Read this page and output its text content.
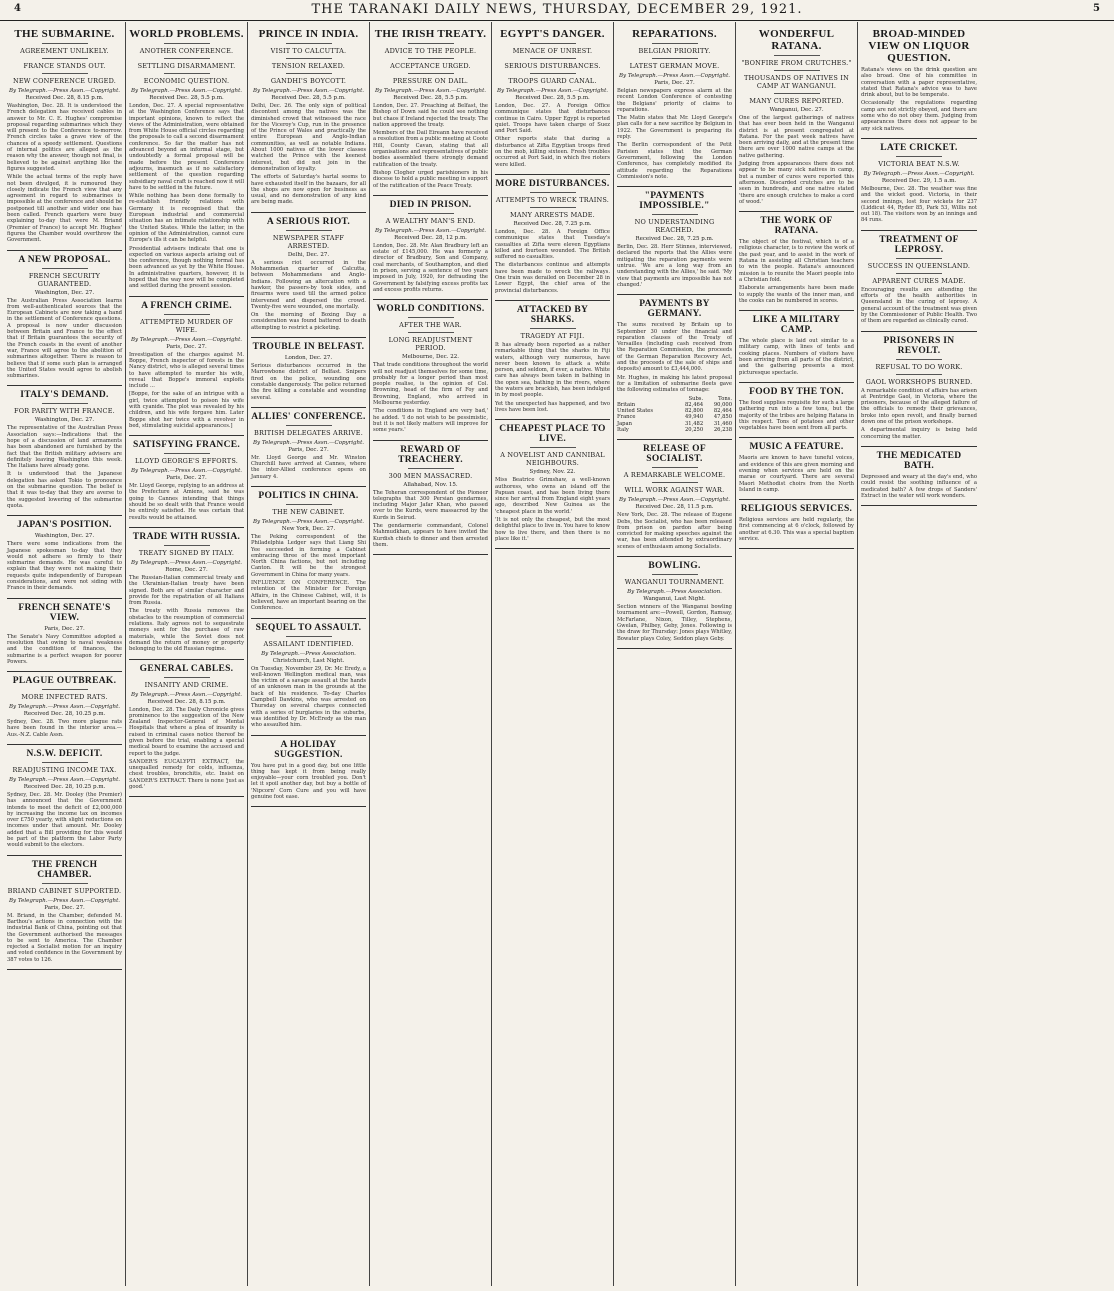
4	THE TARANAKI DAILY NEWS, THURSDAY, DECEMBER 29, 1921.	5
THE SUBMARINE.
AGREEMENT UNLIKELY.
FRANCE STANDS OUT.
NEW CONFERENCE URGED.
By Telegraph.—Press Assn.—Copyright.
Received Dec. 28, 8.15 p.m.

Washington, Dec. 28. It is understood the French delegation has received cables in answer to Mr. C. E. Hughes' compromise proposal regarding submarines which they will present to the Conference to-morrow. French circles take a grave view of the chances of a speedy settlement. Questions of internal politics are alleged as the reason why the answer, though not final, is believed to be against anything like the figures suggested.

While the actual terms of the reply have not been divulged, it is rumoured they closely indicate the French view that any agreement in regard to submarines is impossible at the conference and should be postponed till another and wider one has been called. French quarters were busy explaining to-day that were M. Briand (Premier of France) to accept Mr. Hughes' figures the Chamber would overthrow the Government.

A NEW PROPOSAL.
FRENCH SECURITY GUARANTEED.
Washington, Dec. 27.

The Australian Press Association learns from well-authenticated sources that the European Cabinets are now taking a hand in the settlement of Conference questions. A proposal is now under discussion between Britain and France to the effect that if Britain guarantees the security of the French coasts in the event of another war, France will agree to the abolition of submarines altogether. There is reason to believe that if some such plan is arranged the United States would agree to abolish submarines.

ITALY'S DEMAND.
FOR PARITY WITH FRANCE.
Washington, Dec. 27.

The representative of the Australian Press Association says:—Indications that the hope of a discussion of land armaments has been abandoned are furnished by the fact that the British military advisers are definitely leaving Washington this week. The Italians have already gone.

It is understood that the Japanese delegation has asked Tokio to pronounce on the submarine question. The belief is that it was to-day that they are averse to the suggested lowering of the submarine quota.

JAPAN'S POSITION.
Washington, Dec. 27.

There were some indications from the Japanese spokesman to-day that they would not adhere so firmly to their submarine demands. He was careful to explain that they were not making their requests quite independently of European considerations, and were not siding with France in their demands.

FRENCH SENATE'S VIEW.
Paris, Dec. 27.

The Senate's Navy Committee adopted a resolution that owing to naval weakness and the condition of finances, the submarine is a perfect weapon for poorer Powers.

PLAGUE OUTBREAK.
MORE INFECTED RATS.
By Telegraph.—Press Assn.—Copyright.
Received Dec. 28, 10.25 p.m.

Sydney, Dec. 28. Two more plague rats have been found in the interior area.—Aus.-N.Z. Cable Assn.

N.S.W. DEFICIT.
READJUSTING INCOME TAX.
By Telegraph.—Press Assn.—Copyright.
Received Dec. 28, 10.25 p.m.

Sydney, Dec. 28. Mr. Dooley (the Premier) has announced that the Government intends to meet the deficit of £2,000,000 by increasing the income tax on incomes over £750 yearly, with slight reductions on incomes under that amount. Mr. Dooley added that a Bill providing for this would be part of the platform the Labor Party would submit to the electors.

THE FRENCH CHAMBER.
BRIAND CABINET SUPPORTED.
By Telegraph.—Press Assn.—Copyright.
Paris, Dec. 27.

M. Briand, in the Chamber, defended M. Barthou's actions in connection with the industrial Bank of China, pointing out that the Government authorised the messages to be sent to America. The Chamber rejected a Socialist motion for an inquiry and voted confidence in the Government by 387 votes to 126.

WORLD PROBLEMS.
ANOTHER CONFERENCE.
SETTLING DISARMAMENT.
ECONOMIC QUESTION.
By Telegraph.—Press Assn.—Copyright.
Received Dec. 28, 5.5 p.m.

London, Dec. 27. A special representative at the Washington Conference says that important opinions, known to reflect the views of the Administration, were obtained from White House official circles regarding the proposals to call a second disarmament conference. So far the matter has not advanced beyond an informal stage, but undoubtedly a formal proposal will be made before the present Conference adjourns, inasmuch as if no satisfactory settlement of the question regarding subsidiary naval craft is reached now it will have to be settled in the future.

While nothing has been done formally to re-establish friendly relations with Germany it is recognised that the European industrial and commercial situation has an intimate relationship with the United States. While the latter, in the opinion of the Administration, cannot cure Europe's ills it can be helpful.

Presidential advisers indicate that one is expected on various aspects arising out of the conference, though nothing formal has been advanced as yet by the White House. In administrative quarters, however, it is hoped that the way now will be completed and settled during the present session.

A FRENCH CRIME.
ATTEMPTED MURDER OF WIFE.
By Telegraph.—Press Assn.—Copyright.
Paris, Dec. 27.

Investigation of the charges against M. Boppe, French inspector of forests in the Nancy district, who is alleged several times to have attempted to murder his wife, reveal that Boppe's immoral exploits include ...

[Boppe, for the sake of an intrigue with a girl, twice attempted to poison his wife with cyanide. The plot was revealed by his children, and his wife forgave him. Later Boppe shot her twice with a revolver in bed, stimulating suicidal appearances.]

SATISFYING FRANCE.
LLOYD GEORGE'S EFFORTS.
By Telegraph.—Press Assn.—Copyright.
Paris, Dec. 27.

Mr. Lloyd George, replying to an address at the Prefecture at Amiens, said he was going to Cannes intending that things should be so dealt with that France would be entirely satisfied. He was certain that results would be attained.

TRADE WITH RUSSIA.
TREATY SIGNED BY ITALY.
By Telegraph.—Press Assn.—Copyright.
Rome, Dec. 27.

The Russian-Italian commercial treaty and the Ukrainian-Italian treaty have been signed. Both are of similar character and provide for the repatriation of all Italians from Russia.

The treaty with Russia removes the obstacles to the resumption of commercial relations. Italy agrees not to sequestrate moneys sent for the purchase of raw materials, while the Soviet does not demand the return of money or property belonging to the old Russian regime.

GENERAL CABLES.
INSANITY AND CRIME.
By Telegraph.—Press Assn.—Copyright.
Received Dec. 28, 8.15 p.m.

London, Dec. 28. The Daily Chronicle gives prominence to the suggestion of the New Zealand Inspector-General of Mental Hospitals that where a plea of insanity is raised in criminal cases notice thereof be given before the trial, enabling a special medical board to examine the accused and report to the judge.

SANDER'S EUCALYPTI EXTRACT, the unequalled remedy for colds, influenza, chest troubles, bronchitis, etc. Insist on SANDER'S EXTRACT. There is none 'just as good.'

PRINCE IN INDIA.
VISIT TO CALCUTTA.
TENSION RELAXED.
GANDHI'S BOYCOTT.
By Telegraph.—Press Assn.—Copyright.
Received Dec. 28, 5.5 p.m.

Delhi, Dec. 26. The only sign of political discontent among the natives was the diminished crowd that witnessed the race for the Viceroy's Cup, run in the presence of the Prince of Wales and practically the entire European and Anglo-Indian communities, as well as notable Indians. About 1000 natives of the lower classes watched the Prince with the keenest interest, but did not join in the demonstration of loyalty.

The efforts of Saturday's hartal seems to have exhausted itself in the bazaars, for all the shops are now open for business as usual, and no demonstration of any kind are being made.

A SERIOUS RIOT.
NEWSPAPER STAFF ARRESTED.
Delhi, Dec. 27.

A serious riot occurred in the Mohammedan quarter of Calcutta, between Mohammedans and Anglo-Indians. Following an altercation with a hawker, the passers-by took sides, and firearms were used till the armed police intervened and dispersed the crowd. Twenty-five were wounded, one mortally.

On the morning of Boxing Day a consideration was found battered to death attempting to restrict a picketing.

TROUBLE IN BELFAST.
London, Dec. 27.

Serious disturbances occurred in the Marrowbone district of Belfast. Snipers fired on the police, wounding one constable dangerously. The police returned the fire killing a constable and wounding several.

ALLIES' CONFERENCE.
BRITISH DELEGATES ARRIVE.
By Telegraph.—Press Assn.—Copyright.
Paris, Dec. 27.

Mr. Lloyd George and Mr. Winston Churchill have arrived at Cannes, where the inter-Allied conference opens on January 4.

POLITICS IN CHINA.
THE NEW CABINET.
By Telegraph.—Press Assn.—Copyright.
New York, Dec. 27.

The Peking correspondent of the Philadelphia Ledger says that Liang Shi Yee succeeded in forming a Cabinet embracing three of the most important North China factions, but not including Canton. It will be the strongest Government in China for many years.

INFLUENCE ON CONFERENCE. The retention of the Minister for Foreign Affairs, in the Chinese Cabinet, will, it is believed, have an important bearing on the Conference.

SEQUEL TO ASSAULT.
ASSAILANT IDENTIFIED.
By Telegraph.—Press Association.
Christchurch, Last Night.

On Tuesday, November 29, Dr. Mc Eredy, a well-known Wellington medical man, was the victim of a savage assault at the hands of an unknown man in the grounds at the back of his residence. To-day Charles Campbell Dawkins, who was arrested on Thursday on several charges connected with a series of burglaries in the suburbs, was identified by Dr. McEredy as the man who assaulted him.

A HOLIDAY SUGGESTION.

You have put in a good day, but one little thing has kept it from being really enjoyable—your corn troubled you. Don't let it spoil another day, but buy a bottle of 'Nipcorn' Corn Cure and you will have genuine foot ease.

THE IRISH TREATY.
ADVICE TO THE PEOPLE.
ACCEPTANCE URGED.
PRESSURE ON DAIL.
By Telegraph.—Press Assn.—Copyright.
Received Dec. 28, 5.5 p.m.

London, Dec. 27. Preaching at Belfast, the Bishop of Down said he could see nothing but chaos if Ireland rejected the treaty. The nation approved the treaty.

Members of the Dail Eireann have received a resolution from a public meeting at Coote Hill, County Cavan, stating that all organisations and representatives of public bodies assembled there strongly demand ratification of the treaty.

Bishop Clogher urged parishioners in his diocese to hold a public meeting in support of the ratification of the Peace Treaty.

DIED IN PRISON.
A WEALTHY MAN'S END.
By Telegraph.—Press Assn.—Copyright.
Received Dec. 28, 12 p.m.

London, Dec. 28. Mr. Alan Bradbury left an estate of £145,000. He was formerly a director of Bradbury, Son and Company, coal merchants, of Southampton, and died in prison, serving a sentence of two years imposed in July, 1920, for defrauding the Government by falsifying excess profits tax and excess profits returns.

WORLD CONDITIONS.
AFTER THE WAR.
LONG READJUSTMENT PERIOD.
Melbourne, Dec. 22.

That trade conditions throughout the world will not readjust themselves for some time, probably for a longer period than most people realise, is the opinion of Col. Browning, head of the firm of Foy and Browning, England, who arrived in Melbourne yesterday.

'The conditions in England are very bad,' he added. 'I do not wish to be pessimistic, but it is not likely matters will improve for some years.'

REWARD OF TREACHERY.
300 MEN MASSACRED.
Allahabad, Nov. 15.

The Teheran correspondent of the Pioneer telegraphs that 300 Persian gendarmes, including Major Jafar Khan, who passed over to the Kurds, were massacred by the Kurds in Seirud.

The gendarmerie commandant, Colonel Mahmudkhan, appears to have invited the Kurdish chiefs to dinner and then arrested them.

EGYPT'S DANGER.
MENACE OF UNREST.
SERIOUS DISTURBANCES.
TROOPS GUARD CANAL.
By Telegraph.—Press Assn.—Copyright.
Received Dec. 28, 5.5 p.m.

London, Dec. 27. A Foreign Office communique states that disturbances continue in Cairo. Upper Egypt is reported quiet. Troops have taken charge of Suez and Port Said.

Other reports state that during a disturbance at Zifta Egyptian troops fired on the mob, killing sixteen. Fresh troubles occurred at Port Said, in which five rioters were killed.

MORE DISTURBANCES.
ATTEMPTS TO WRECK TRAINS.
MANY ARRESTS MADE.
Received Dec. 28, 7.25 p.m.

London, Dec. 28. A Foreign Office communique states that Tuesday's casualties at Zifta were eleven Egyptians killed and fourteen wounded. The British suffered no casualties.

The disturbances continue and attempts have been made to wreck the railways. One train was derailed on December 28 in Lower Egypt, the chief area of the provincial disturbances.

ATTACKED BY SHARKS.
TRAGEDY AT FIJI.

It has already been reported as a rather remarkable thing that the sharks in Fiji waters, although very numerous, have never been known to attack a white person, and seldom, if ever, a native. White care has always been taken in bathing in the open sea, bathing in the rivers, where the waters are brackish, has been indulged in by most people.

Yet the unexpected has happened, and two lives have been lost.

CHEAPEST PLACE TO LIVE.
A NOVELIST AND CANNIBAL NEIGHBOURS.
Sydney, Nov. 22.

Miss Beatrice Grimshaw, a well-known authoress, who owns an island off the Papuan coast, and has been living there since her arrival from England eight years ago, described New Guinea as the 'cheapest place in the world.'

'It is not only the cheapest, but the most delightful place to live in. You have to know how to live there, and then there is no place like it.'

REPARATIONS.
BELGIAN PRIORITY.
LATEST GERMAN MOVE.
By Telegraph.—Press Assn.—Copyright.
Paris, Dec. 27.

Belgian newspapers express alarm at the recent London Conference of contesting the Belgians' priority of claims to reparations.

The Matin states that Mr. Lloyd George's plan calls for a new sacrifice by Belgium in 1922. The Government is preparing its reply.

The Berlin correspondent of the Petit Parisien states that the German Government, following the London Conference, has completely modified its attitude regarding the Reparations Commission's note.

"PAYMENTS IMPOSSIBLE."
NO UNDERSTANDING REACHED.
Received Dec. 28, 7.25 p.m.

Berlin, Dec. 28. Herr Stinnes, interviewed, declared the reports that the Allies were mitigating the reparation payments were untrue. 'We are a long way from an understanding with the Allies,' he said. 'My view that payments are impossible has not changed.'

PAYMENTS BY GERMANY.

The sums received by Britain up to September 30 under the financial and reparation clauses of the Treaty of Versailles (including cash received from the Reparation Commission, the proceeds of the German Reparation Recovery Act, and the proceeds of the sale of ships and deposits) amount to £3,444,000.

Mr. Hughes, in making his latest proposal for a limitation of submarine fleets gave the following estimates of tonnage:

	Subs.	Tons.
Britain	82,464	90,000
United States	82,800	82,464
France	49,940	47,850
Japan	31,482	31,460
Italy	20,250	26,238
RELEASE OF SOCIALIST.
A REMARKABLE WELCOME.
WILL WORK AGAINST WAR.
By Telegraph.—Press Assn.—Copyright.
Received Dec. 28, 11.5 p.m.

New York, Dec. 28. The release of Eugene Debs, the Socialist, who has been released from prison on pardon after being convicted for making speeches against the war, has been attended by extraordinary scenes of enthusiasm among Socialists.

BOWLING.
WANGANUI TOURNAMENT.
By Telegraph.—Press Association.
Wanganui, Last Night.

Section winners of the Wanganui bowling tournament are:—Powell, Gordon, Ramsay, McFarlane, Nixon, Tilley, Stephens, Gwelan, Philbey, Geby, Jones. Following is the draw for Thursday: Jones plays Whitley, Bowater plays Coley, Seddon plays Geby.

WONDERFUL RATANA.
"BONFIRE FROM CRUTCHES."
THOUSANDS OF NATIVES IN CAMP AT WANGANUI.
MANY CURES REPORTED.
Wanganui, Dec. 27.

One of the largest gatherings of natives that has ever been held in the Wanganui district is at present congregated at Ratana. For the past week natives have been arriving daily, and at the present time there are over 1000 native camps at the native gathering.

Judging from appearances there does not appear to be many sick natives in camp, but a number of cures were reported this afternoon. Discarded crutches are to be seen in hundreds, and one native stated 'there are enough crutches to make a cord of wood.'

THE WORK OF RATANA.

The object of the festival, which is of a religious character, is to review the work of the past year, and to assist in the work of Ratana in assisting all Christian teachers to win the people. Ratana's announced mission is to reunite the Maori people into a Christian fold.

Elaborate arrangements have been made to supply the wants of the inner man, and the cooks can be numbered in scores.

LIKE A MILITARY CAMP.

The whole place is laid out similar to a military camp, with lines of tents and cooking places. Numbers of visitors have been arriving from all parts of the district, and the gathering presents a most picturesque spectacle.

FOOD BY THE TON.

The food supplies requisite for such a large gathering run into a few tons, but the majority of the tribes are helping Ratana in this respect. Tons of potatoes and other vegetables have been sent from all parts.

MUSIC A FEATURE.

Maoris are known to have tuneful voices, and evidence of this are given morning and evening when services are held on the marae or courtyard. There are several Maori Methodist choirs from the North Island in camp.

RELIGIOUS SERVICES.

Religious services are held regularly, the first commencing at 6 o'clock, followed by another at 6.30. This was a special baptism service.

BROAD-MINDED VIEW ON LIQUOR QUESTION.

Ratana's views on the drink question are also broad. One of his committee in conversation with a paper representative, stated that Ratana's advice was to have drink about, but to be temperate.

Occasionally the regulations regarding camp are not strictly obeyed, and there are some who do not obey them. Judging from appearances there does not appear to be any sick natives.

LATE CRICKET.
VICTORIA BEAT N.S.W.
By Telegraph.—Press Assn.—Copyright.
Received Dec. 29, 1.5 a.m.

Melbourne, Dec. 28. The weather was fine and the wicket good. Victoria, in their second innings, lost four wickets for 237 (Liddicut 44, Ryder 85, Park 53, Willis not out 18). The visitors won by an innings and 84 runs.

TREATMENT OF LEPROSY.
SUCCESS IN QUEENSLAND.
APPARENT CURES MADE.

Encouraging results are attending the efforts of the health authorities in Queensland in the curing of leprosy. A general account of the treatment was given by the Commissioner of Public Health. Two of them are regarded as clinically cured.

PRISONERS IN REVOLT.
REFUSAL TO DO WORK.
GAOL WORKSHOPS BURNED.

A remarkable condition of affairs has arisen at Pentridge Gaol, in Victoria, where the prisoners, because of the alleged failure of the officials to remedy their grievances, broke into open revolt, and finally burned down one of the prison workshops.

A departmental inquiry is being held concerning the matter.

THE MEDICATED BATH.

Depressed and weary at the day's end, who could resist the soothing influence of a medicated bath? A few drops of Sanders' Extract in the water will work wonders.
